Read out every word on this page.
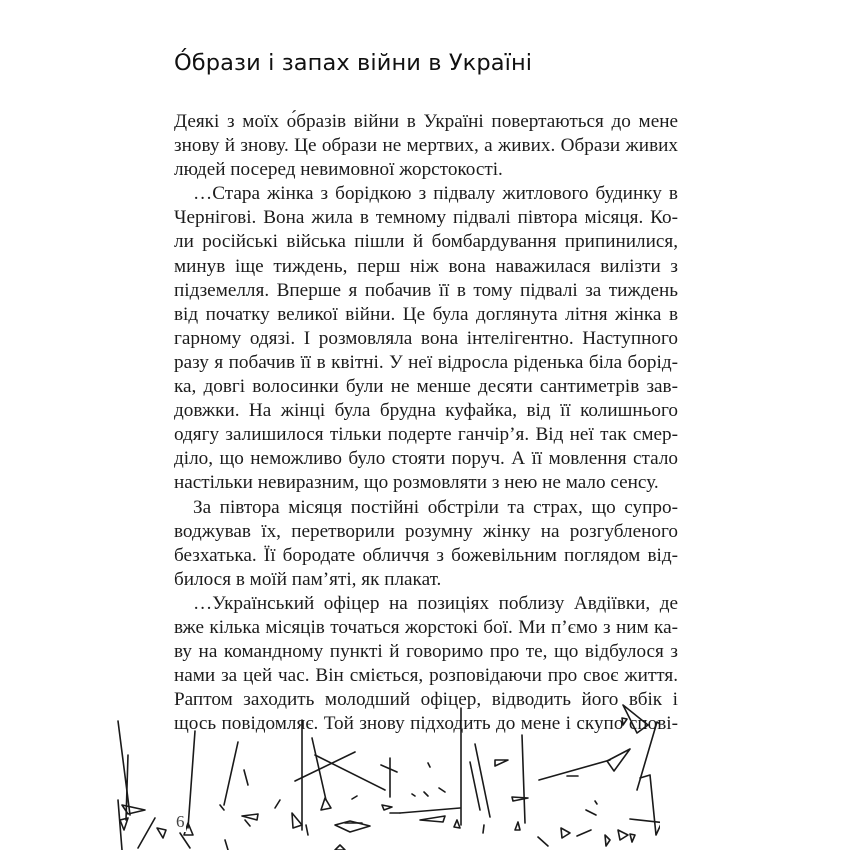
О́брази і запах війни в Україні
Деякі з моїх о́бразів війни в Україні повертаються до мене
знову й знову. Це образи не мертвих, а живих. Образи живих
людей посеред невимовної жорстокості.
…Стара жінка з борідкою з підвалу житлового будинку в
Чернігові. Вона жила в темному підвалі півтора місяця. Ко-
ли російські війська пішли й бомбардування припинилися,
минув іще тиждень, перш ніж вона наважилася вилізти з
підземелля. Вперше я побачив її в тому підвалі за тиждень
від початку великої війни. Це була доглянута літня жінка в
гарному одязі. І розмовляла вона інтелігентно. Наступного
разу я побачив її в квітні. У неї відросла ріденька біла борід-
ка, довгі волосинки були не менше десяти сантиметрів зав-
довжки. На жінці була брудна куфайка, від її колишнього
одягу залишилося тільки подерте ганчір’я. Від неї так смер-
діло, що неможливо було стояти поруч. А її мовлення стало
настільки невиразним, що розмовляти з нею не мало сенсу.
За півтора місяця постійні обстріли та страх, що супро-
воджував їх, перетворили розумну жінку на розгубленого
безхатька. Її бородате обличчя з божевільним поглядом від-
билося в моїй пам’яті, як плакат.
…Український офіцер на позиціях поблизу Авдіївки, де
вже кілька місяців точаться жорстокі бої. Ми п’ємо з ним ка-
ву на командному пункті й говоримо про те, що відбулося з
нами за цей час. Він сміється, розповідаючи про своє життя.
Раптом заходить молодший офіцер, відводить його вбік і
щось повідомляє. Той знову підходить до мене і скупо спові-
6
